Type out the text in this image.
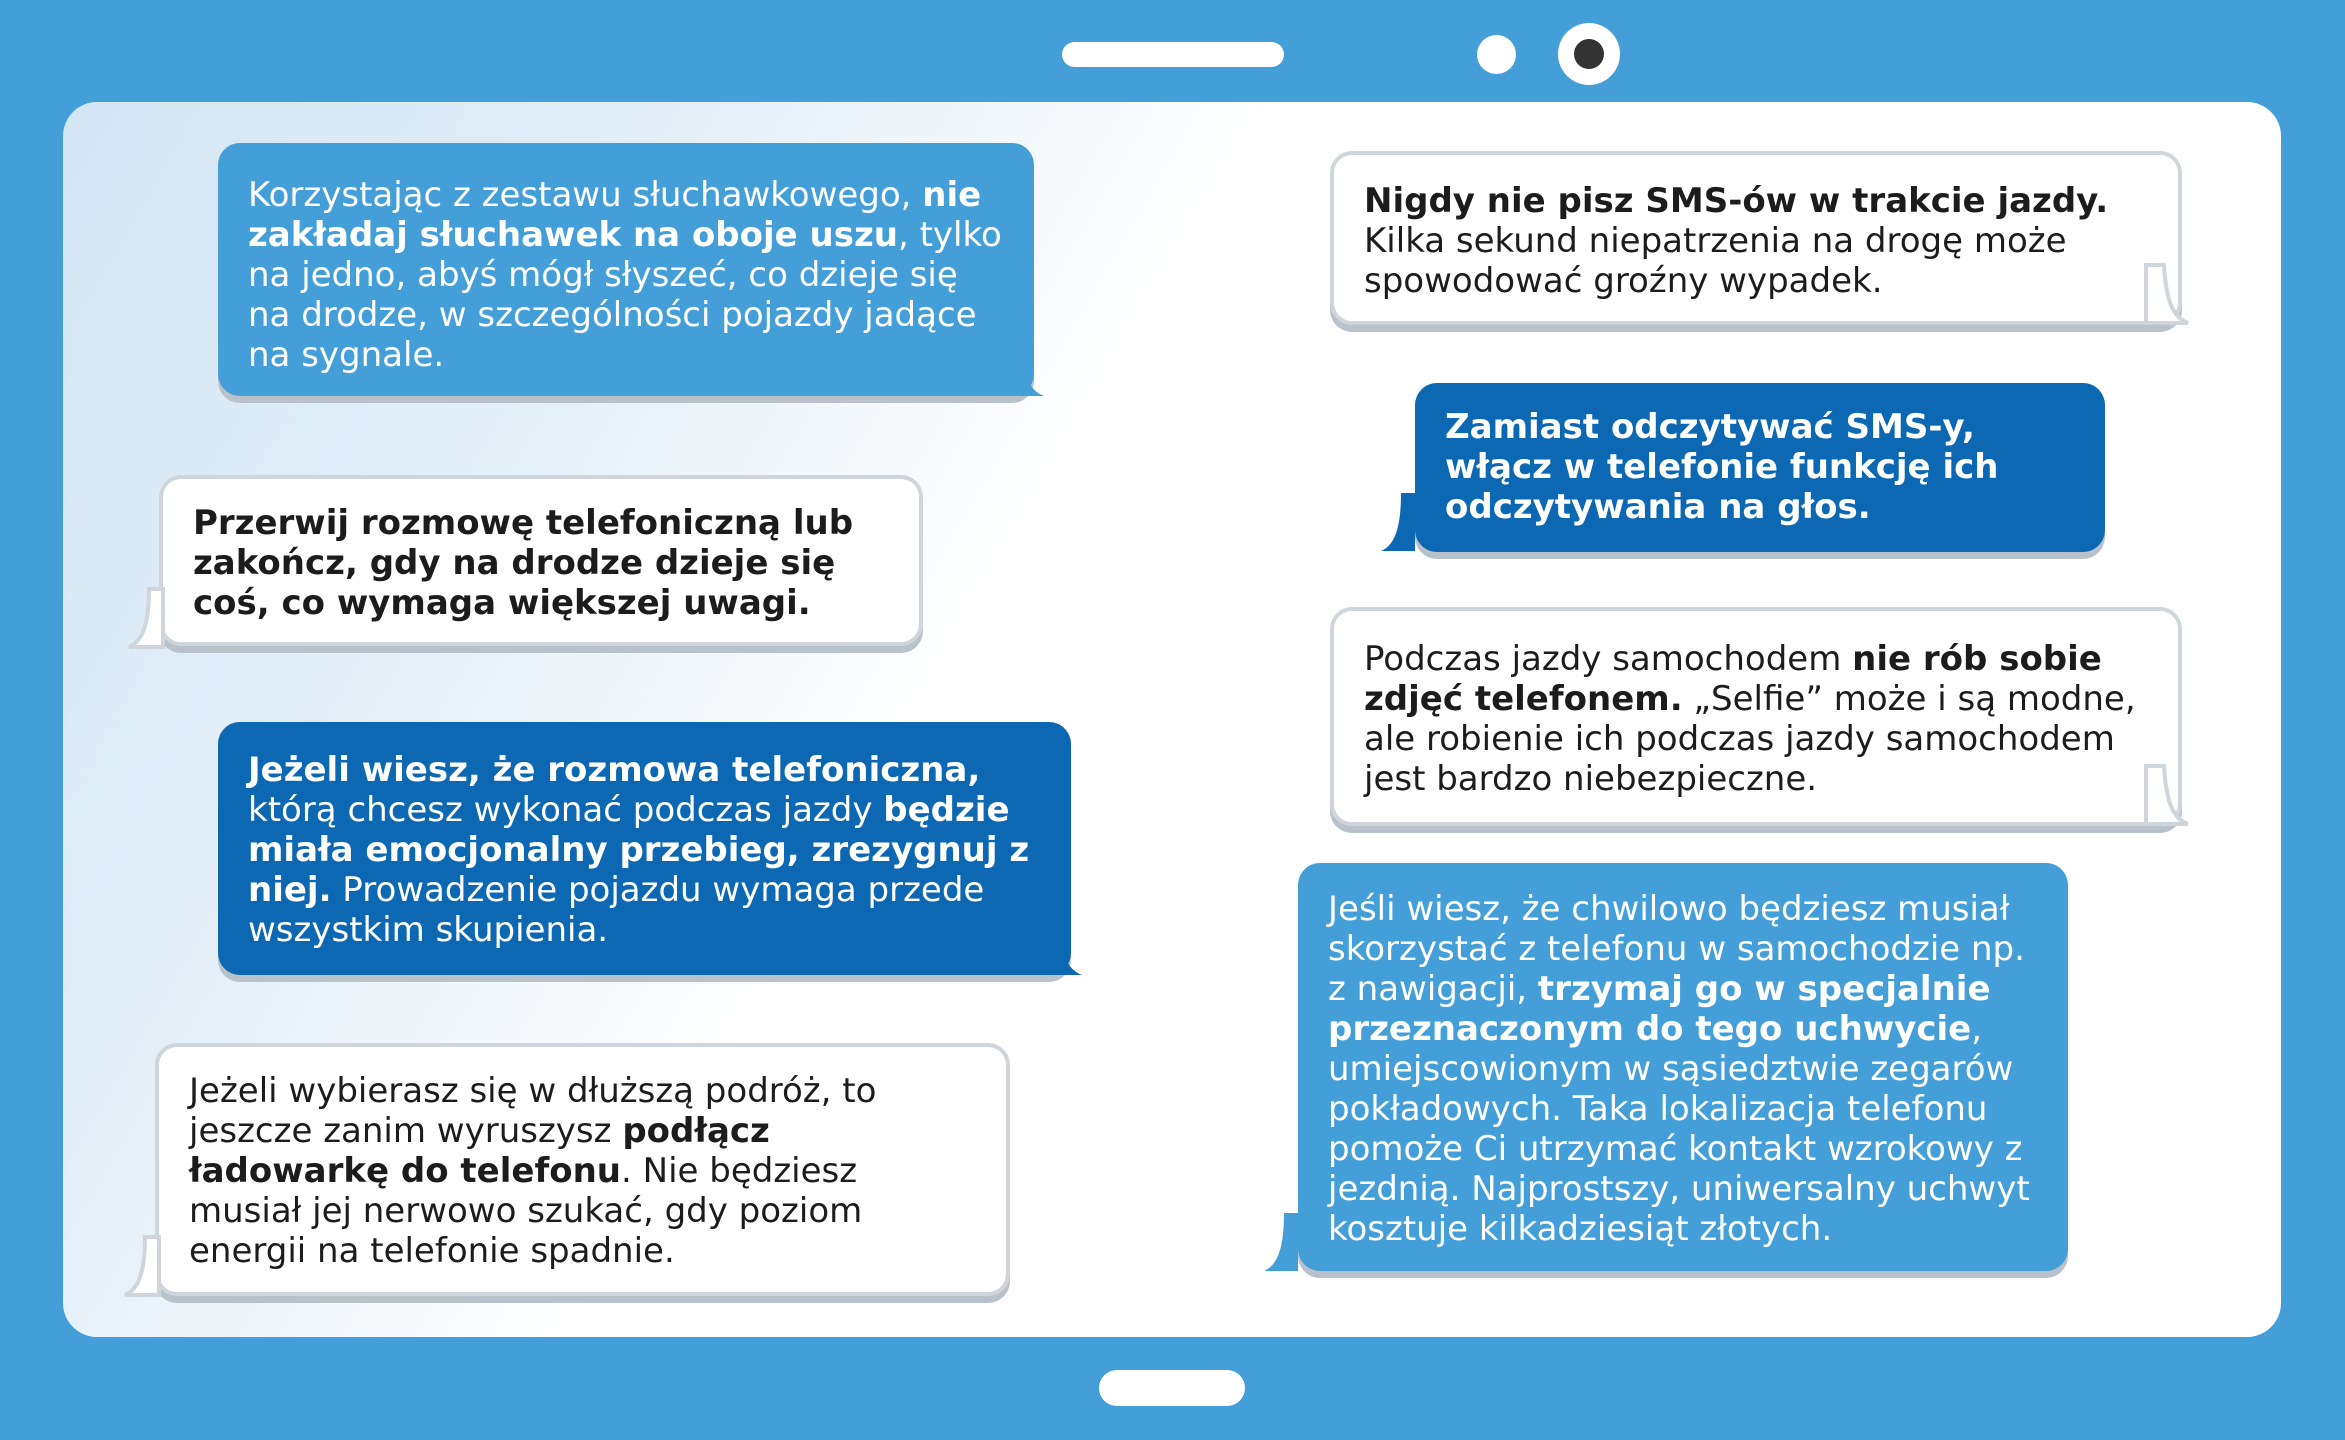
Korzystając z zestawu słuchawkowego, nie zakładaj słuchawek na oboje uszu, tylko na jedno, abyś mógł słyszeć, co dzieje się na drodze, w szczególności pojazdy jadące na sygnale.
Przerwij rozmowę telefoniczną lub zakończ, gdy na drodze dzieje się coś, co wymaga większej uwagi.
Jeżeli wiesz, że rozmowa telefoniczna, którą chcesz wykonać podczas jazdy będzie miała emocjonalny przebieg, zrezygnuj z niej. Prowadzenie pojazdu wymaga przede wszystkim skupienia.
Jeżeli wybierasz się w dłuższą podróż, to jeszcze zanim wyruszysz podłącz ładowarkę do telefonu. Nie będziesz musiał jej nerwowo szukać, gdy poziom energii na telefonie spadnie.
Nigdy nie pisz SMS-ów w trakcie jazdy. Kilka sekund niepatrzenia na drogę może spowodować groźny wypadek.
Zamiast odczytywać SMS-y, włącz w telefonie funkcję ich odczytywania na głos.
Podczas jazdy samochodem nie rób sobie zdjęć telefonem. „Selfie” może i są modne, ale robienie ich podczas jazdy samochodem jest bardzo niebezpieczne.
Jeśli wiesz, że chwilowo będziesz musiał skorzystać z telefonu w samochodzie np. z nawigacji, trzymaj go w specjalnie przeznaczonym do tego uchwycie, umiejscowionym w sąsiedztwie zegarów pokładowych. Taka lokalizacja telefonu pomoże Ci utrzymać kontakt wzrokowy z jezdnią. Najprostszy, uniwersalny uchwyt kosztuje kilkadziesiąt złotych.
